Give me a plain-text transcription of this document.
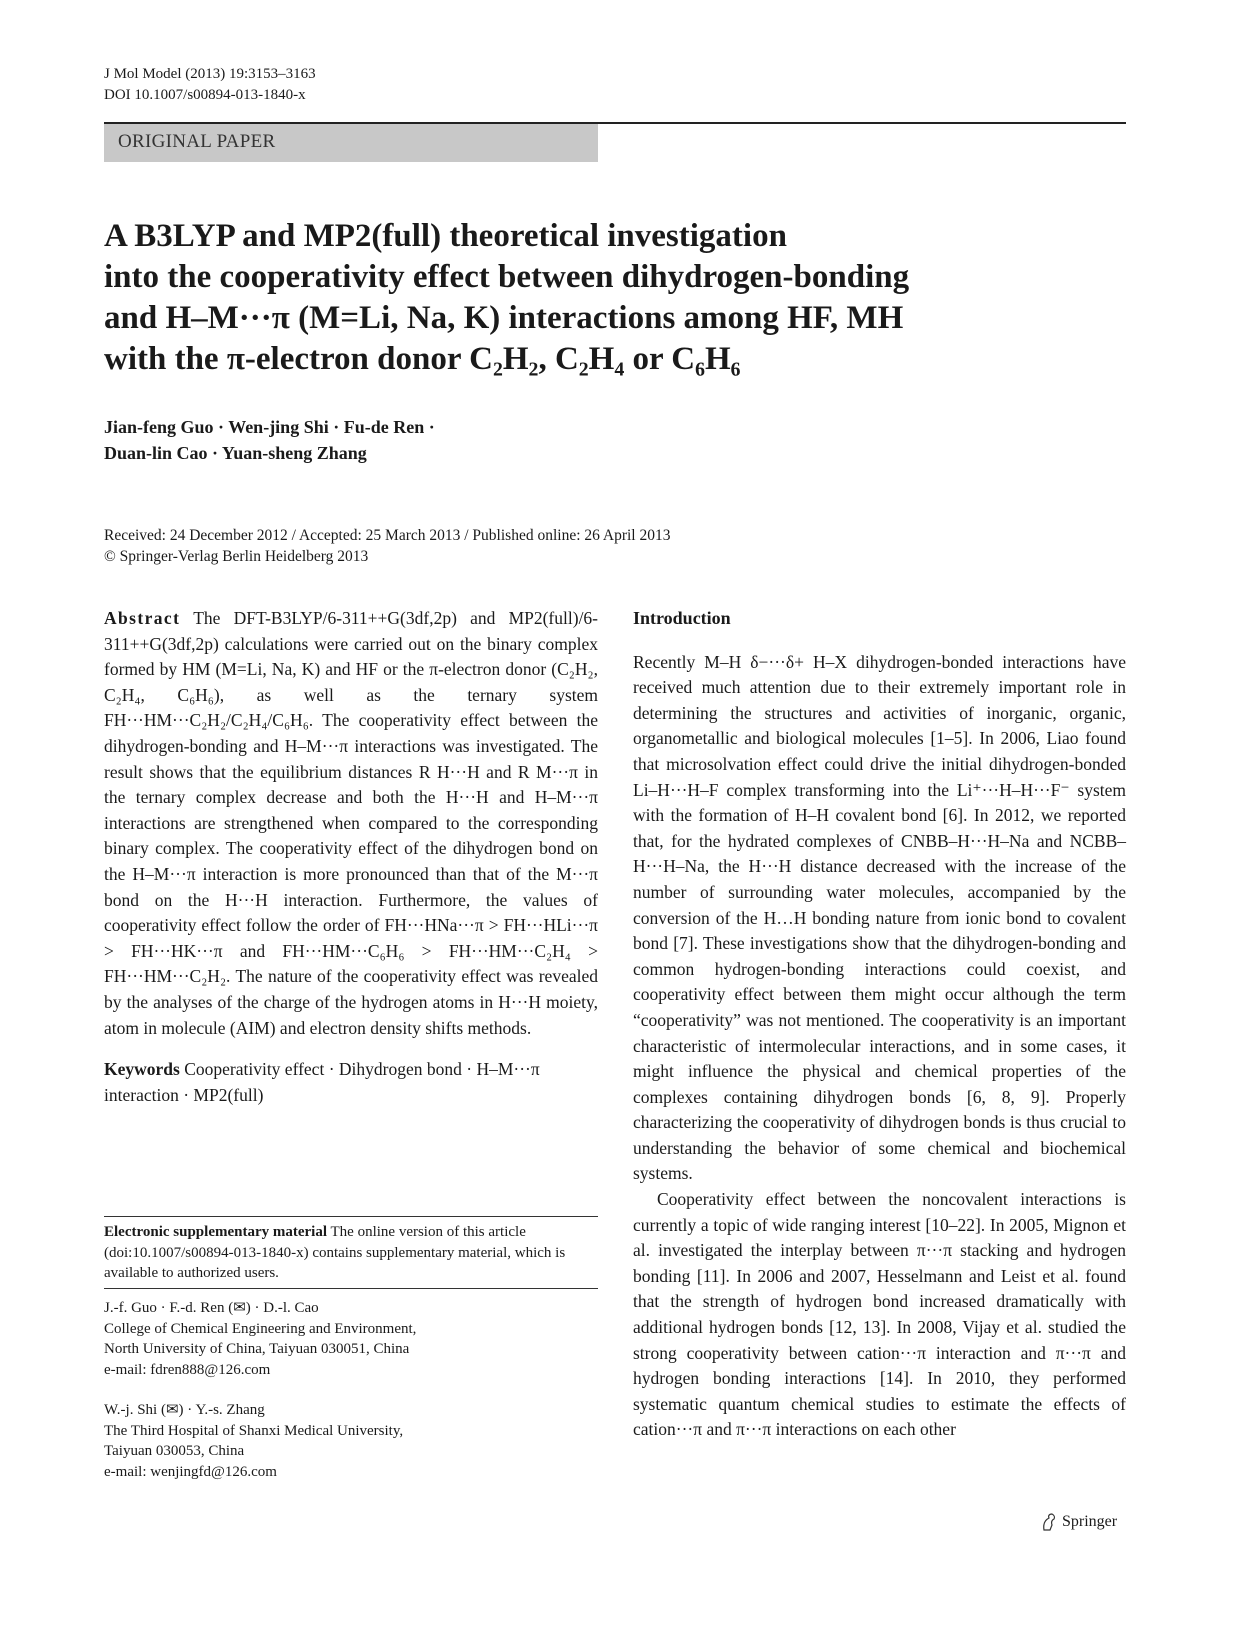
J Mol Model (2013) 19:3153–3163
DOI 10.1007/s00894-013-1840-x
ORIGINAL PAPER
A B3LYP and MP2(full) theoretical investigation
into the cooperativity effect between dihydrogen-bonding
and H–M···π (M=Li, Na, K) interactions among HF, MH
with the π-electron donor C₂H₂, C₂H₄ or C₆H₆
Jian-feng Guo · Wen-jing Shi · Fu-de Ren ·
Duan-lin Cao · Yuan-sheng Zhang
Received: 24 December 2012 / Accepted: 25 March 2013 / Published online: 26 April 2013
© Springer-Verlag Berlin Heidelberg 2013

Abstract The DFT-B3LYP/6-311++G(3df,2p) and MP2(full)/6-311++G(3df,2p) calculations were carried out on the binary complex formed by HM (M=Li, Na, K) and HF or the π-electron donor (C₂H₂, C₂H₄, C₆H₆), as well as the ternary system FH···HM···C₂H₂/C₂H₄/C₆H₆. The cooperativity effect between the dihydrogen-bonding and H–M···π interactions was investigated. The result shows that the equilibrium distances R H···H and R M···π in the ternary complex decrease and both the H···H and H–M···π interactions are strengthened when compared to the corresponding binary complex. The cooperativity effect of the dihydrogen bond on the H–M···π interaction is more pronounced than that of the M···π bond on the H···H interaction. Furthermore, the values of cooperativity effect follow the order of FH···HNa···π > FH···HLi···π > FH···HK···π and FH···HM···C₆H₆ > FH···HM···C₂H₄ > FH···HM···C₂H₂. The nature of the cooperativity effect was revealed by the analyses of the charge of the hydrogen atoms in H···H moiety, atom in molecule (AIM) and electron density shifts methods.

Keywords Cooperativity effect · Dihydrogen bond · H–M···π interaction · MP2(full)

Electronic supplementary material The online version of this article (doi:10.1007/s00894-013-1840-x) contains supplementary material, which is available to authorized users.
J.-f. Guo · F.-d. Ren (✉) · D.-l. Cao
College of Chemical Engineering and Environment,
North University of China, Taiyuan 030051, China
e-mail: fdren888@126.com
W.-j. Shi (✉) · Y.-s. Zhang
The Third Hospital of Shanxi Medical University,
Taiyuan 030053, China
e-mail: wenjingfd@126.com

Introduction

Recently M–H δ−···δ+ H–X dihydrogen-bonded interactions have received much attention due to their extremely important role in determining the structures and activities of inorganic, organic, organometallic and biological molecules [1–5]. In 2006, Liao found that microsolvation effect could drive the initial dihydrogen-bonded Li–H···H–F complex transforming into the Li⁺···H–H···F⁻ system with the formation of H–H covalent bond [6]. In 2012, we reported that, for the hydrated complexes of CNBB–H···H–Na and NCBB–H···H–Na, the H···H distance decreased with the increase of the number of surrounding water molecules, accompanied by the conversion of the H…H bonding nature from ionic bond to covalent bond [7]. These investigations show that the dihydrogen-bonding and common hydrogen-bonding interactions could coexist, and cooperativity effect between them might occur although the term “cooperativity” was not mentioned. The cooperativity is an important characteristic of intermolecular interactions, and in some cases, it might influence the physical and chemical properties of the complexes containing dihydrogen bonds [6, 8, 9]. Properly characterizing the cooperativity of dihydrogen bonds is thus crucial to understanding the behavior of some chemical and biochemical systems.

Cooperativity effect between the noncovalent interactions is currently a topic of wide ranging interest [10–22]. In 2005, Mignon et al. investigated the interplay between π···π stacking and hydrogen bonding [11]. In 2006 and 2007, Hesselmann and Leist et al. found that the strength of hydrogen bond increased dramatically with additional hydrogen bonds [12, 13]. In 2008, Vijay et al. studied the strong cooperativity between cation···π interaction and π···π and hydrogen bonding interactions [14]. In 2010, they performed systematic quantum chemical studies to estimate the effects of cation···π and π···π interactions on each other

Springer
